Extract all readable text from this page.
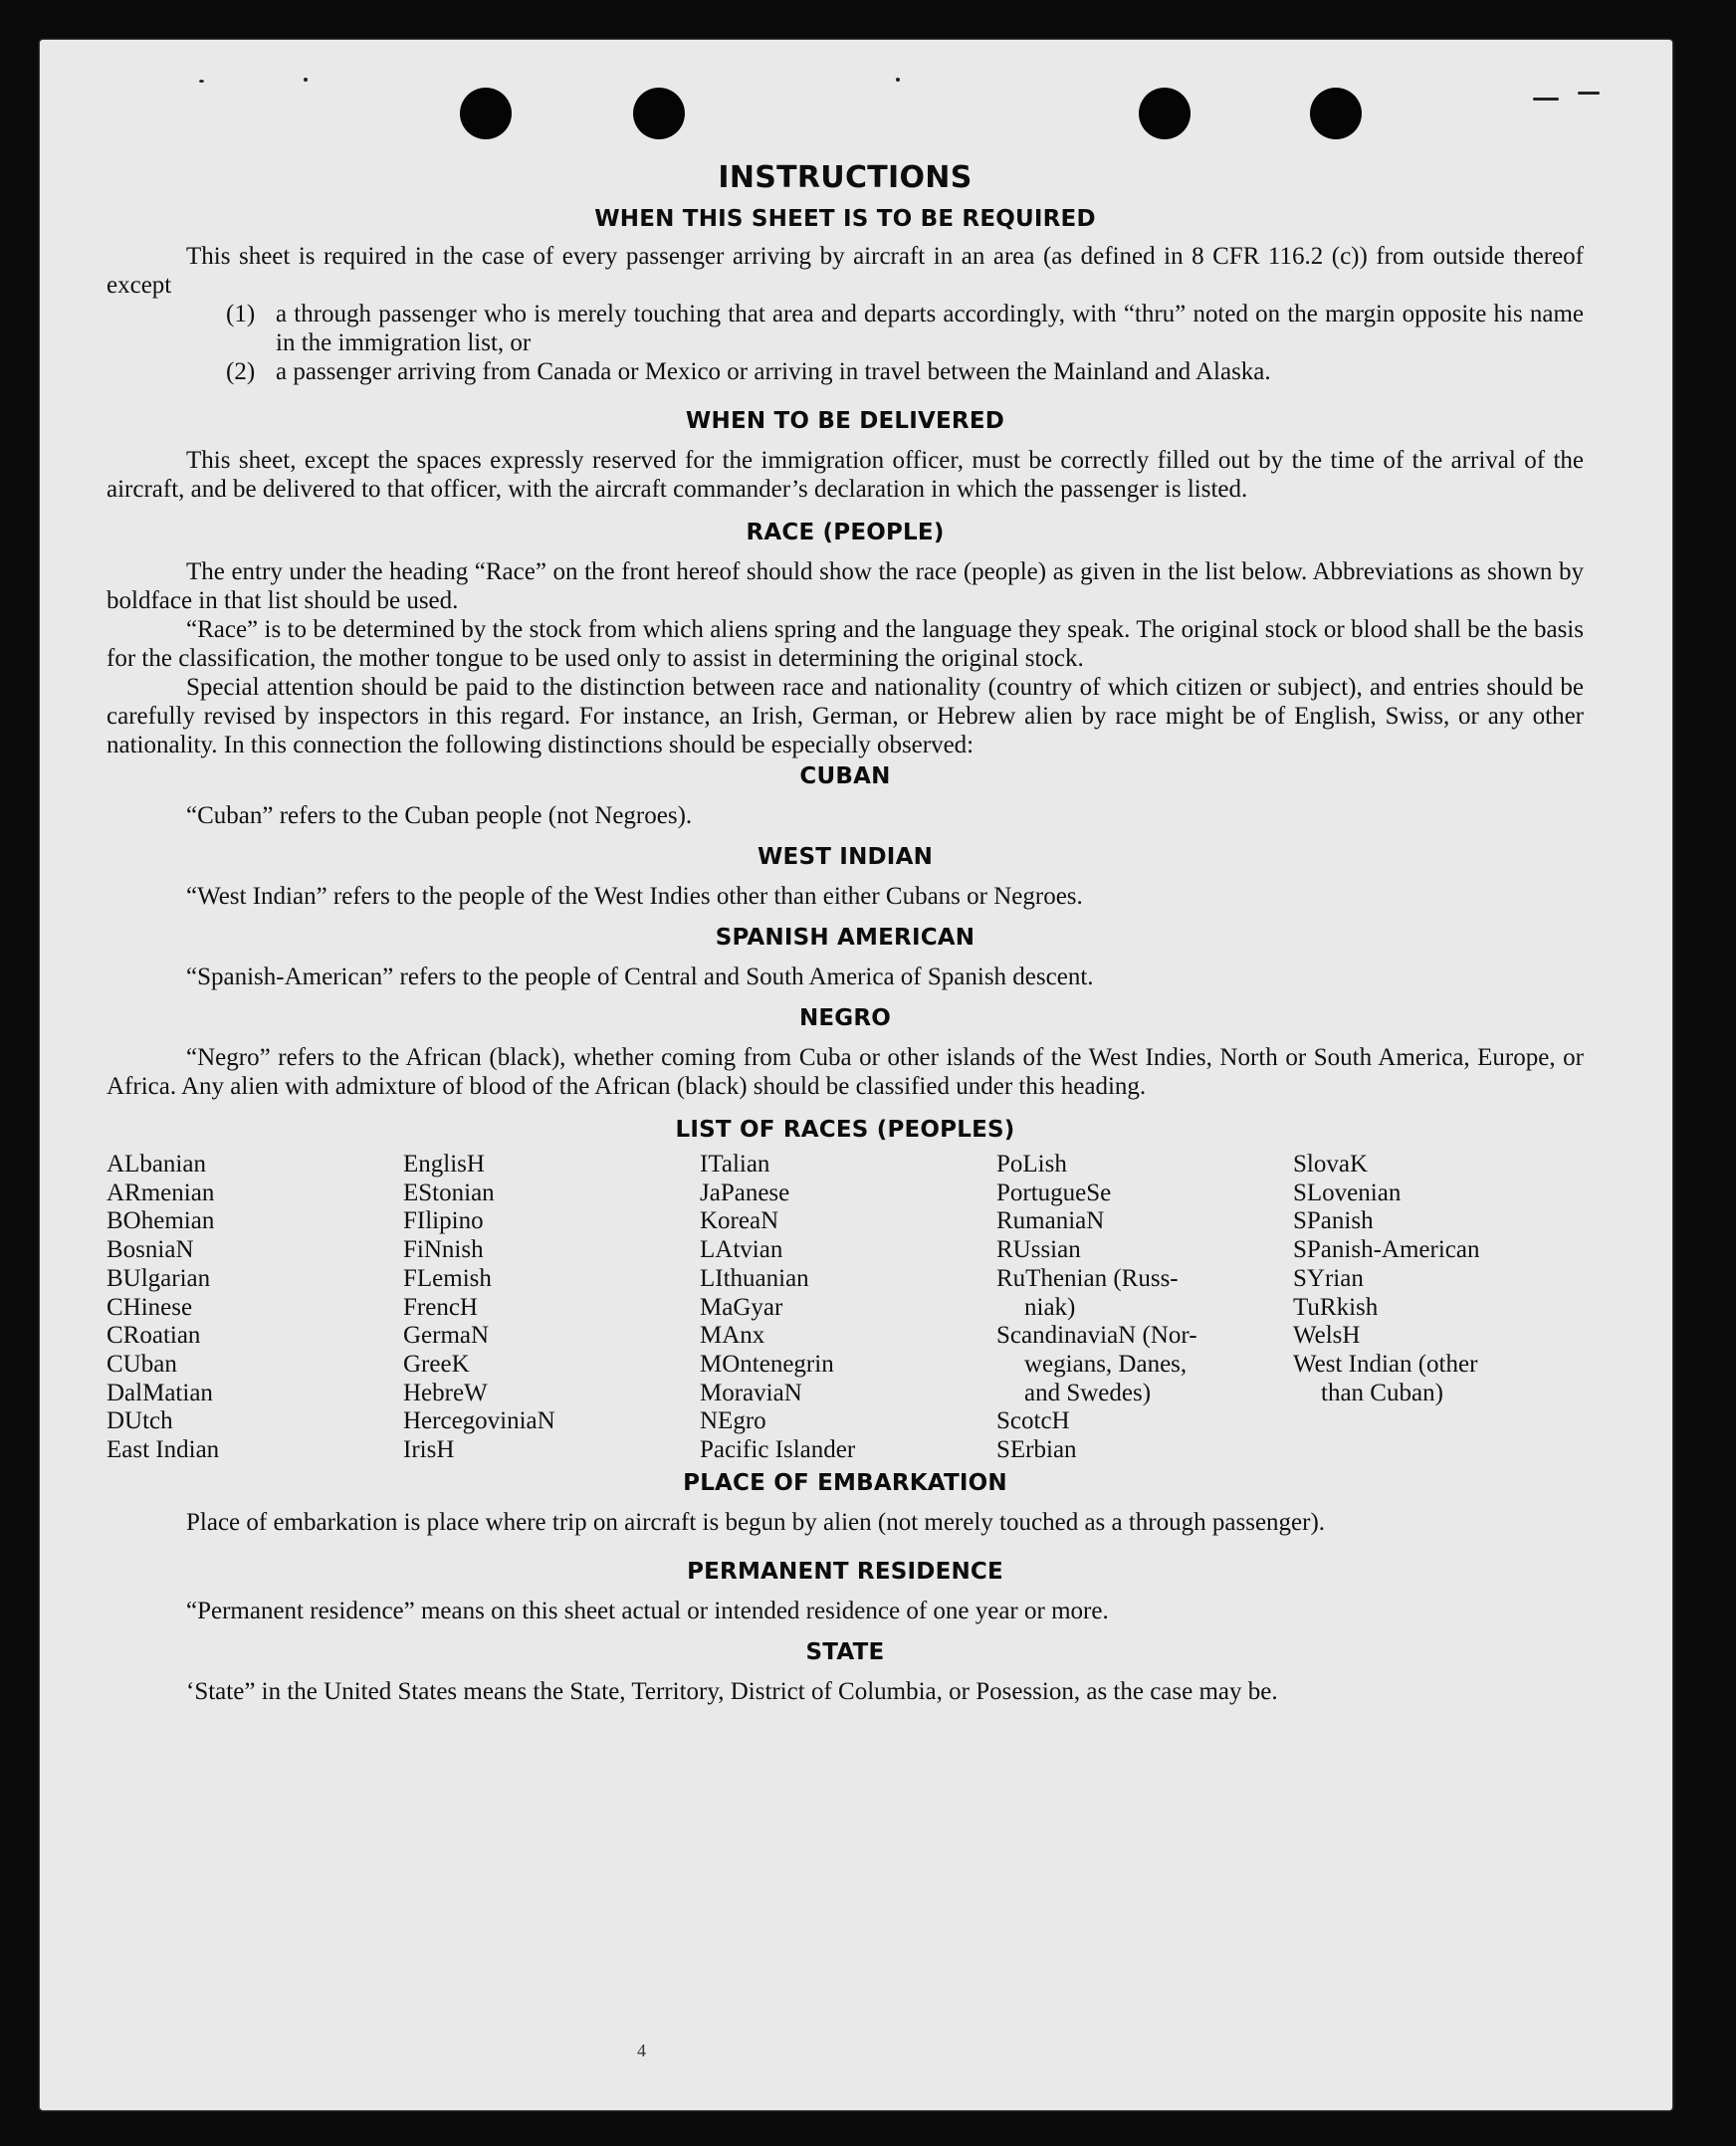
4
INSTRUCTIONS
WHEN THIS SHEET IS TO BE REQUIRED

This sheet is required in the case of every passenger arriving by aircraft in an area (as defined in 8 CFR 116.2 (c)) from outside thereof except

(1) a through passenger who is merely touching that area and departs accordingly, with “thru” noted on the margin opposite his name in the immigration list, or
(2) a passenger arriving from Canada or Mexico or arriving in travel between the Mainland and Alaska.
WHEN TO BE DELIVERED

This sheet, except the spaces expressly reserved for the immigration officer, must be correctly filled out by the time of the arrival of the aircraft, and be delivered to that officer, with the aircraft commander’s declaration in which the passenger is listed.

RACE (PEOPLE)

The entry under the heading “Race” on the front hereof should show the race (people) as given in the list below. Abbreviations as shown by boldface in that list should be used.

“Race” is to be determined by the stock from which aliens spring and the language they speak. The original stock or blood shall be the basis for the classification, the mother tongue to be used only to assist in determining the original stock.

Special attention should be paid to the distinction between race and nationality (country of which citizen or subject), and entries should be carefully revised by inspectors in this regard. For instance, an Irish, German, or Hebrew alien by race might be of English, Swiss, or any other nationality. In this connection the following distinctions should be especially observed:

CUBAN

“Cuban” refers to the Cuban people (not Negroes).

WEST INDIAN

“West Indian” refers to the people of the West Indies other than either Cubans or Negroes.

SPANISH AMERICAN

“Spanish-American” refers to the people of Central and South America of Spanish descent.

NEGRO

“Negro” refers to the African (black), whether coming from Cuba or other islands of the West Indies, North or South America, Europe, or Africa. Any alien with admixture of blood of the African (black) should be classified under this heading.

LIST OF RACES (PEOPLES)
ALbanian
ARmenian
BOhemian
BosniaN
BUlgarian
CHinese
CRoatian
CUban
DalMatian
DUtch
East Indian
EnglisH
EStonian
FIlipino
FiNnish
FLemish
FrencH
GermaN
GreeK
HebreW
HercegoviniaN
IrisH
ITalian
JaPanese
KoreaN
LAtvian
LIthuanian
MaGyar
MAnx
MOntenegrin
MoraviaN
NEgro
Pacific Islander
PoLish
PortugueSe
RumaniaN
RUssian
RuThenian (Russ-
niak)
ScandinaviaN (Nor-
wegians, Danes,
and Swedes)
ScotcH
SErbian
SlovaK
SLovenian
SPanish
SPanish-American
SYrian
TuRkish
WelsH
West Indian (other
than Cuban)
PLACE OF EMBARKATION

Place of embarkation is place where trip on aircraft is begun by alien (not merely touched as a through passenger).

PERMANENT RESIDENCE

“Permanent residence” means on this sheet actual or intended residence of one year or more.

STATE

‘State” in the United States means the State, Territory, District of Columbia, or Posession, as the case may be.
